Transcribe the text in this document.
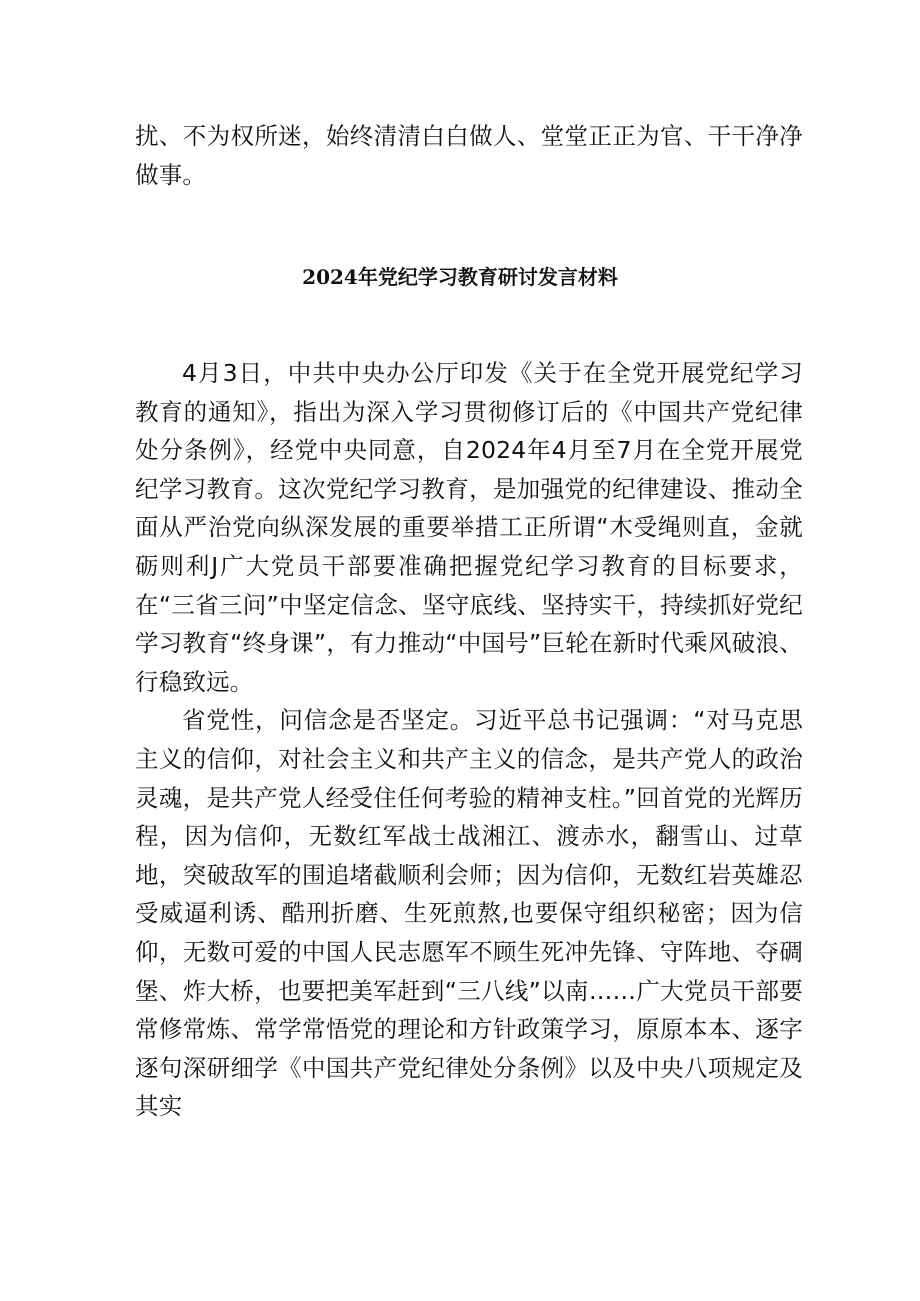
扰、不为权所迷，始终清清白白做人、堂堂正正为官、干干净净做事。
2024年党纪学习教育研讨发言材料

4月3日，中共中央办公厅印发《关于在全党开展党纪学习教育的通知》，指出为深入学习贯彻修订后的《中国共产党纪律处分条例》，经党中央同意，自2024年4月至7月在全党开展党纪学习教育。这次党纪学习教育，是加强党的纪律建设、推动全面从严治党向纵深发展的重要举措工正所谓“木受绳则直，金就砺则利J广大党员干部要准确把握党纪学习教育的目标要求，在“三省三问”中坚定信念、坚守底线、坚持实干，持续抓好党纪学习教育“终身课”，有力推动“中国号”巨轮在新时代乘风破浪、行稳致远。

省党性，问信念是否坚定。习近平总书记强调：“对马克思主义的信仰，对社会主义和共产主义的信念，是共产党人的政治灵魂，是共产党人经受住任何考验的精神支柱。”回首党的光辉历程，因为信仰，无数红军战士战湘江、渡赤水，翻雪山、过草地，突破敌军的围追堵截顺利会师；因为信仰，无数红岩英雄忍受威逼利诱、酷刑折磨、生死煎熬,也要保守组织秘密；因为信仰，无数可爱的中国人民志愿军不顾生死冲先锋、守阵地、夺碉堡、炸大桥，也要把美军赶到“三八线”以南……广大党员干部要常修常炼、常学常悟党的理论和方针政策学习，原原本本、逐字逐句深研细学《中国共产党纪律处分条例》以及中央八项规定及其实
